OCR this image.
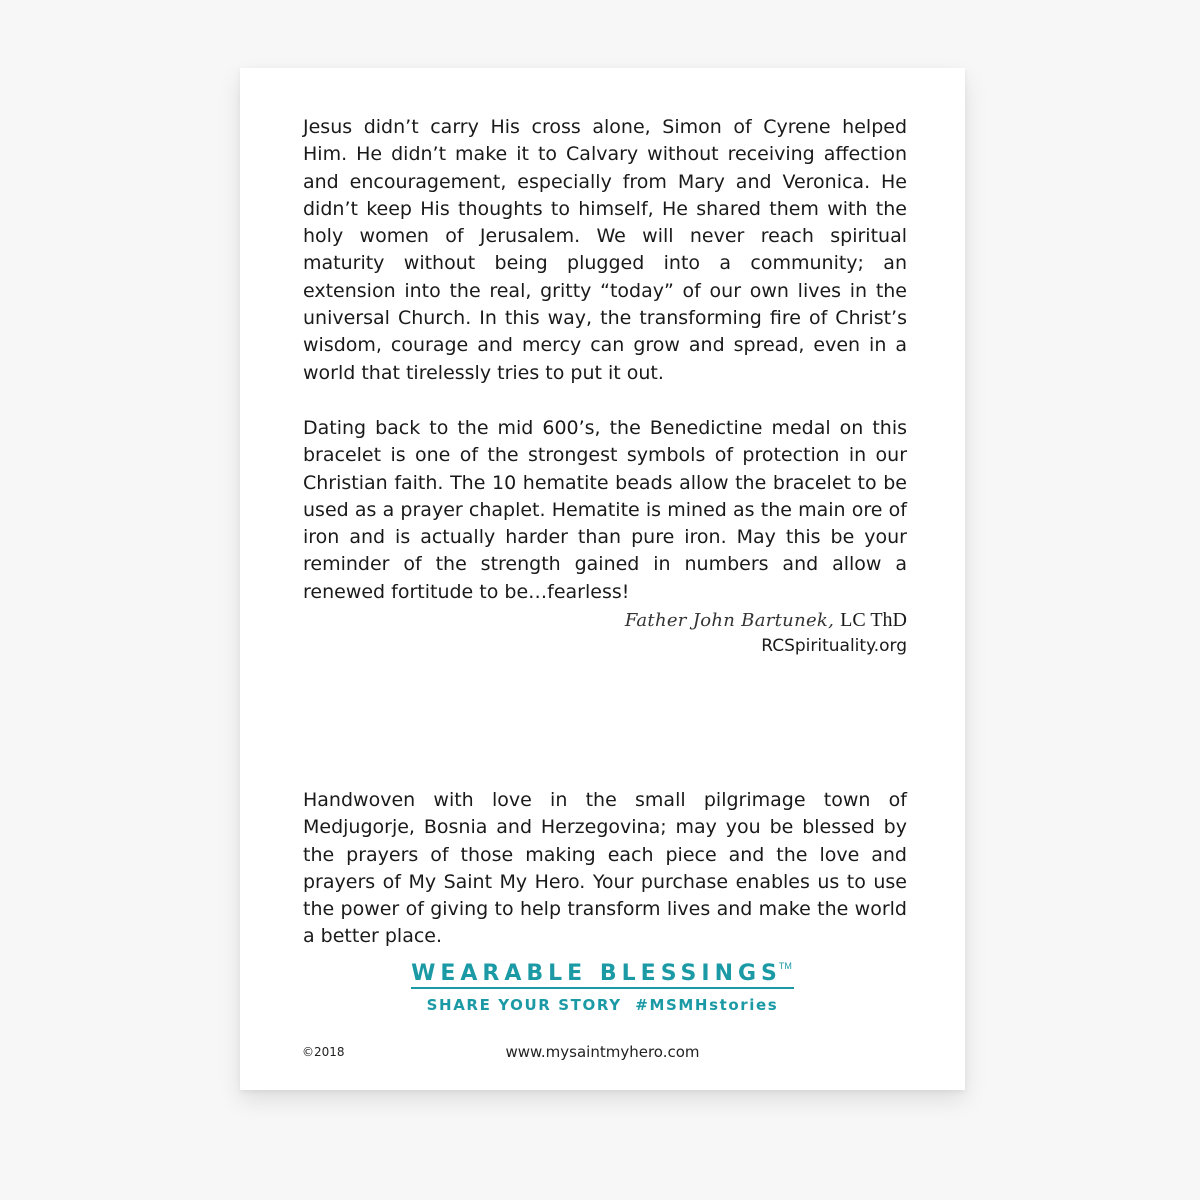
Jesus didn’t carry His cross alone, Simon of Cyrene helped Him. He didn’t make it to Calvary without receiving affection and encouragement, especially from Mary and Veronica. He didn’t keep His thoughts to himself, He shared them with the holy women of Jerusalem. We will never reach spiritual maturity without being plugged into a community; an extension into the real, gritty “today” of our own lives in the universal Church. In this way, the transforming fire of Christ’s wisdom, courage and mercy can grow and spread, even in a world that tirelessly tries to put it out.

Dating back to the mid 600’s, the Benedictine medal on this bracelet is one of the strongest symbols of protection in our Christian faith. The 10 hematite beads allow the bracelet to be used as a prayer chaplet. Hematite is mined as the main ore of iron and is actually harder than pure iron. May this be your reminder of the strength gained in numbers and allow a renewed fortitude to be…fearless!

Father John Bartunek, LC ThD
RCSpirituality.org

Handwoven with love in the small pilgrimage town of Medjugorje, Bosnia and Herzegovina; may you be blessed by the prayers of those making each piece and the love and prayers of My Saint My Hero. Your purchase enables us to use the power of giving to help transform lives and make the world a better place.

WEARABLE BLESSINGS™
SHARE YOUR STORY  #MSMHstories
©2018	www.mysaintmyhero.com
